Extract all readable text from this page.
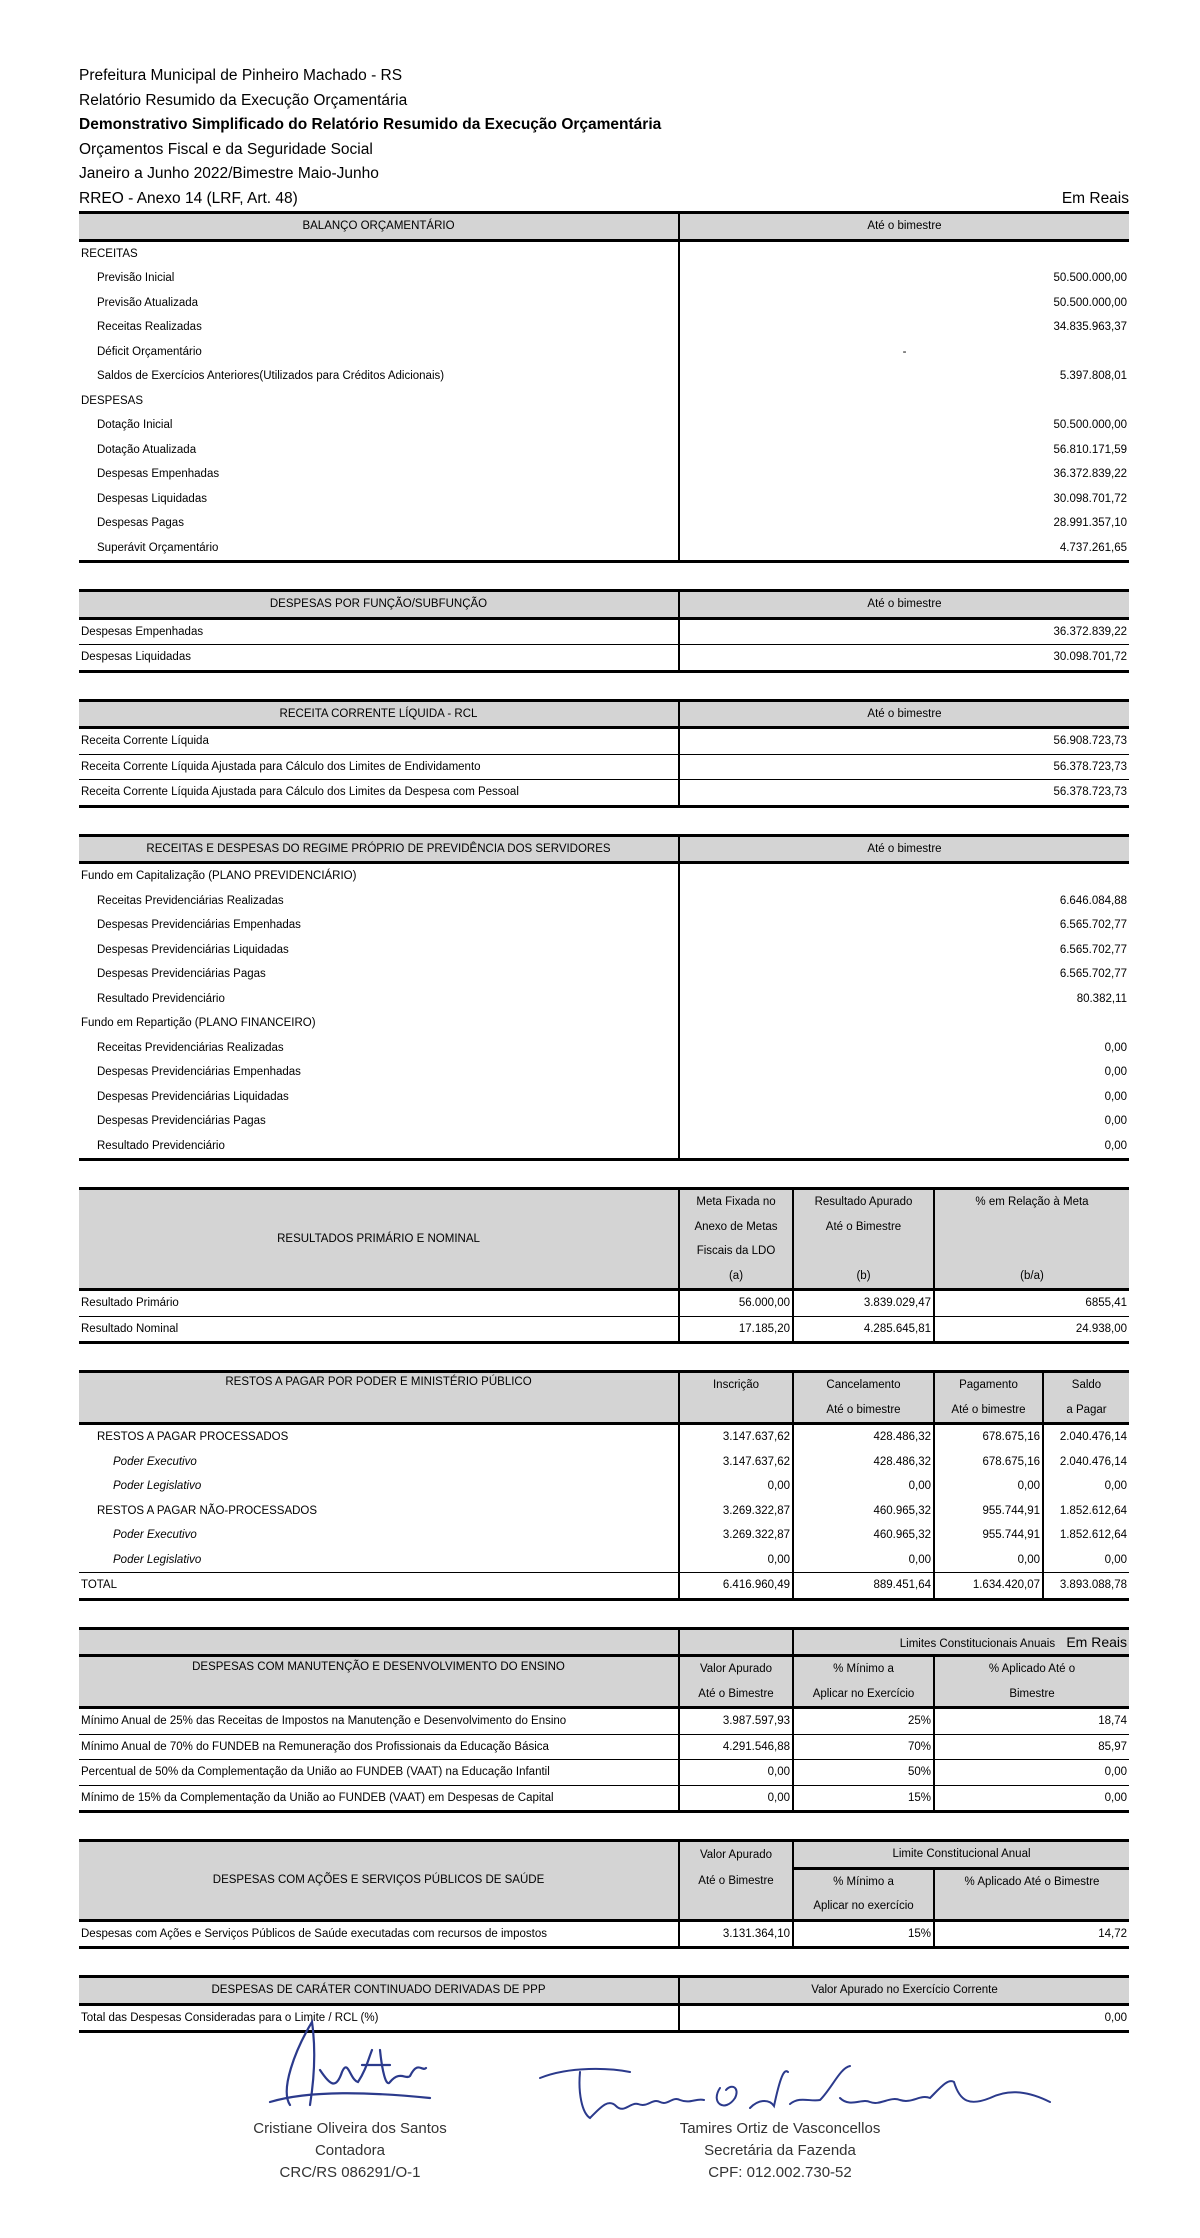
Prefeitura Municipal de Pinheiro Machado - RS
Relatório Resumido da Execução Orçamentária
Demonstrativo Simplificado do Relatório Resumido da Execução Orçamentária
Orçamentos Fiscal e da Seguridade Social
Janeiro a Junho 2022/Bimestre Maio-Junho
RREO - Anexo 14 (LRF, Art. 48)	Em Reais
BALANÇO ORÇAMENTÁRIO	Até o bimestre
RECEITAS	
Previsão Inicial	50.500.000,00
Previsão Atualizada	50.500.000,00
Receitas Realizadas	34.835.963,37
Déficit Orçamentário	-
Saldos de Exercícios Anteriores(Utilizados para Créditos Adicionais)	5.397.808,01
DESPESAS	
Dotação Inicial	50.500.000,00
Dotação Atualizada	56.810.171,59
Despesas Empenhadas	36.372.839,22
Despesas Liquidadas	30.098.701,72
Despesas Pagas	28.991.357,10
Superávit Orçamentário	4.737.261,65
DESPESAS POR FUNÇÃO/SUBFUNÇÃO	Até o bimestre
Despesas Empenhadas	36.372.839,22
Despesas Liquidadas	30.098.701,72
RECEITA CORRENTE LÍQUIDA - RCL	Até o bimestre
Receita Corrente Líquida	56.908.723,73
Receita Corrente Líquida Ajustada para Cálculo dos Limites de Endividamento	56.378.723,73
Receita Corrente Líquida Ajustada para Cálculo dos Limites da Despesa com Pessoal	56.378.723,73
RECEITAS E DESPESAS DO REGIME PRÓPRIO DE PREVIDÊNCIA DOS SERVIDORES	Até o bimestre
Fundo em Capitalização (PLANO PREVIDENCIÁRIO)	
Receitas Previdenciárias Realizadas	6.646.084,88
Despesas Previdenciárias Empenhadas	6.565.702,77
Despesas Previdenciárias Liquidadas	6.565.702,77
Despesas Previdenciárias Pagas	6.565.702,77
Resultado Previdenciário	80.382,11
Fundo em Repartição (PLANO FINANCEIRO)	
Receitas Previdenciárias Realizadas	0,00
Despesas Previdenciárias Empenhadas	0,00
Despesas Previdenciárias Liquidadas	0,00
Despesas Previdenciárias Pagas	0,00
Resultado Previdenciário	0,00
RESULTADOS PRIMÁRIO E NOMINAL	Meta Fixada no	Resultado Apurado	% em Relação à Meta
	Anexo de Metas	Até o Bimestre	
	Fiscais da LDO		
	(a)	(b)	(b/a)
Resultado Primário	56.000,00	3.839.029,47	6855,41
Resultado Nominal	17.185,20	4.285.645,81	24.938,00
RESTOS A PAGAR POR PODER E MINISTÉRIO PÚBLICO	Inscrição	Cancelamento	Pagamento	Saldo
		Até o bimestre	Até o bimestre	a Pagar
RESTOS A PAGAR PROCESSADOS	3.147.637,62	428.486,32	678.675,16	2.040.476,14
Poder Executivo	3.147.637,62	428.486,32	678.675,16	2.040.476,14
Poder Legislativo	0,00	0,00	0,00	0,00
RESTOS A PAGAR NÃO-PROCESSADOS	3.269.322,87	460.965,32	955.744,91	1.852.612,64
Poder Executivo	3.269.322,87	460.965,32	955.744,91	1.852.612,64
Poder Legislativo	0,00	0,00	0,00	0,00
TOTAL	6.416.960,49	889.451,64	1.634.420,07	3.893.088,78
		Limites Constitucionais Anuais Em Reais	
DESPESAS COM MANUTENÇÃO E DESENVOLVIMENTO DO ENSINO	Valor Apurado	% Mínimo a	% Aplicado Até o
	Até o Bimestre	Aplicar no Exercício	Bimestre
Mínimo Anual de 25% das Receitas de Impostos na Manutenção e Desenvolvimento do Ensino	3.987.597,93	25%	18,74
Mínimo Anual de 70% do FUNDEB na Remuneração dos Profissionais da Educação Básica	4.291.546,88	70%	85,97
Percentual de 50% da Complementação da União ao FUNDEB (VAAT) na Educação Infantil	0,00	50%	0,00
Mínimo de 15% da Complementação da União ao FUNDEB (VAAT) em Despesas de Capital	0,00	15%	0,00
DESPESAS COM AÇÕES E SERVIÇOS PÚBLICOS DE SAÚDE	Valor Apurado	Limite Constitucional Anual	
	Até o Bimestre	% Mínimo a	% Aplicado Até o Bimestre
		Aplicar no exercício	
Despesas com Ações e Serviços Públicos de Saúde executadas com recursos de impostos	3.131.364,10	15%	14,72
DESPESAS DE CARÁTER CONTINUADO DERIVADAS DE PPP	Valor Apurado no Exercício Corrente
Total das Despesas Consideradas para o Limite / RCL (%)	0,00
Cristiane Oliveira dos Santos
Contadora
CRC/RS 086291/O-1
Tamires Ortiz de Vasconcellos
Secretária da Fazenda
CPF: 012.002.730-52
